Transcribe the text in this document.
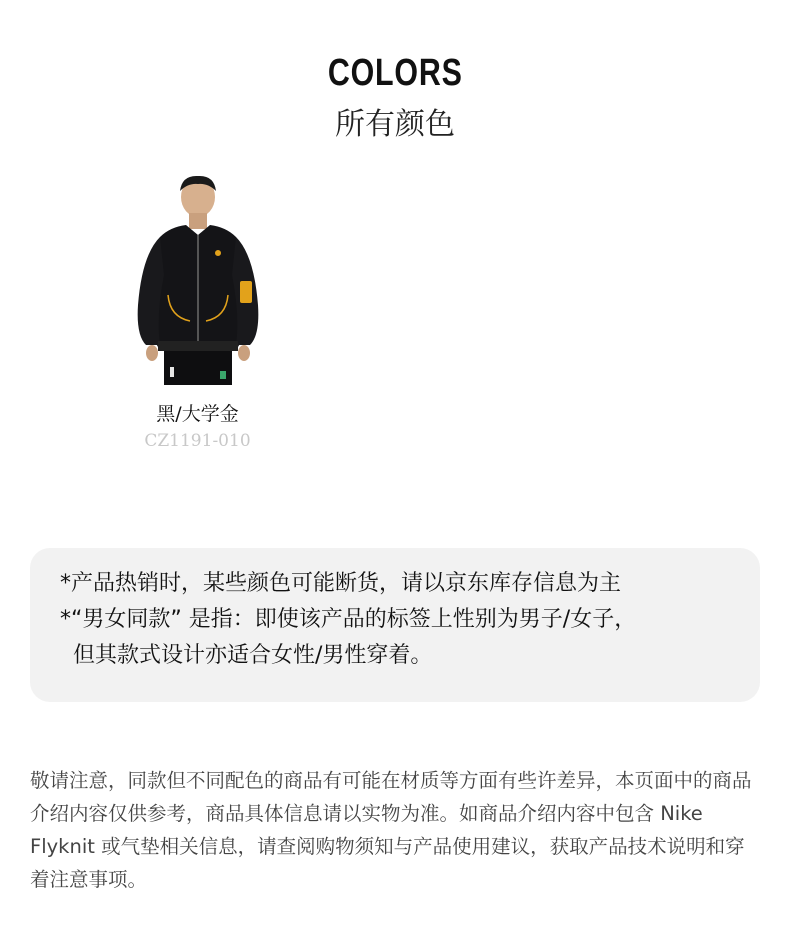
COLORS
所有颜色
黑/大学金
CZ1191-010

*产品热销时，某些颜色可能断货，请以京东库存信息为主

*“男女同款” 是指：即使该产品的标签上性别为男子/女子，

但其款式设计亦适合女性/男性穿着。

敬请注意，同款但不同配色的商品有可能在材质等方面有些许差异，本页面中的商品介绍内容仅供参考，商品具体信息请以实物为准。如商品介绍内容中包含 Nike Flyknit 或气垫相关信息，请查阅购物须知与产品使用建议，获取产品技术说明和穿着注意事项。
